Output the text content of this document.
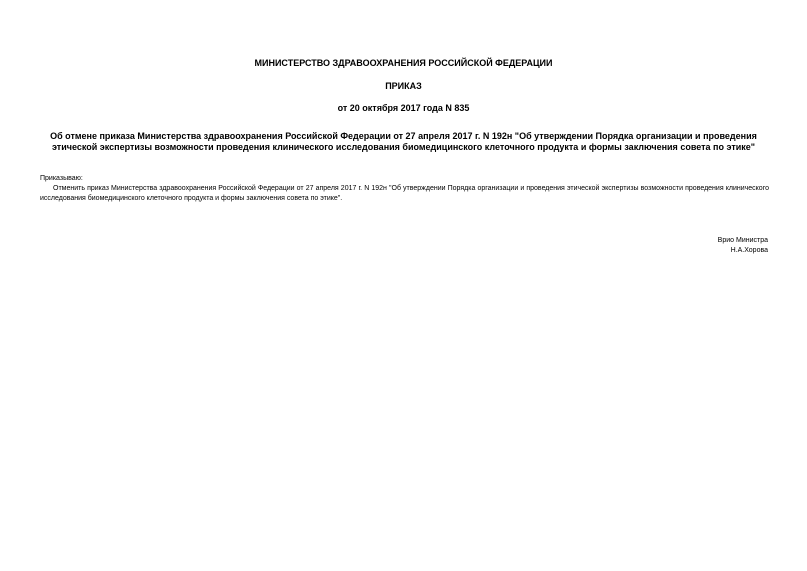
МИНИСТЕРСТВО ЗДРАВООХРАНЕНИЯ РОССИЙСКОЙ ФЕДЕРАЦИИ
ПРИКАЗ
от 20 октября 2017 года N 835
Об отмене приказа Министерства здравоохранения Российской Федерации от 27 апреля 2017 г. N 192н "Об утверждении Порядка организации и проведения
этической экспертизы возможности проведения клинического исследования биомедицинского клеточного продукта и формы заключения совета по этике"
Приказываю:
Отменить приказ Министерства здравоохранения Российской Федерации от 27 апреля 2017 г. N 192н "Об утверждении Порядка организации и проведения этической экспертизы возможности проведения клинического исследования биомедицинского клеточного продукта и формы заключения совета по этике".
Врио Министра
Н.А.Хорова
